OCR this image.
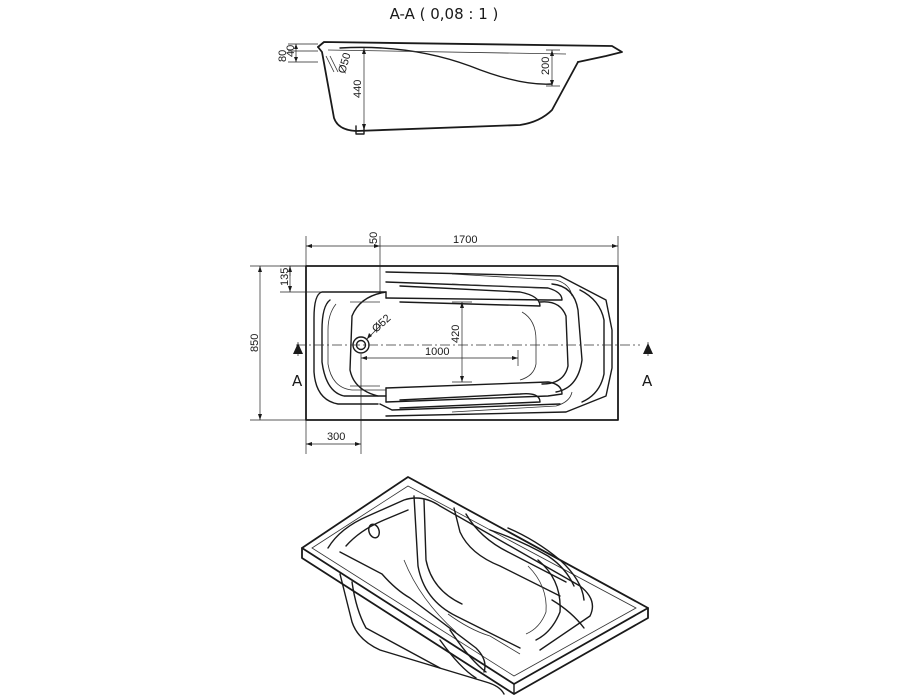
A-A ( 0,08 : 1 )
80
40
Ø50
440
200
Ø52	420
1000
1700
50
135
850
300
A	A
